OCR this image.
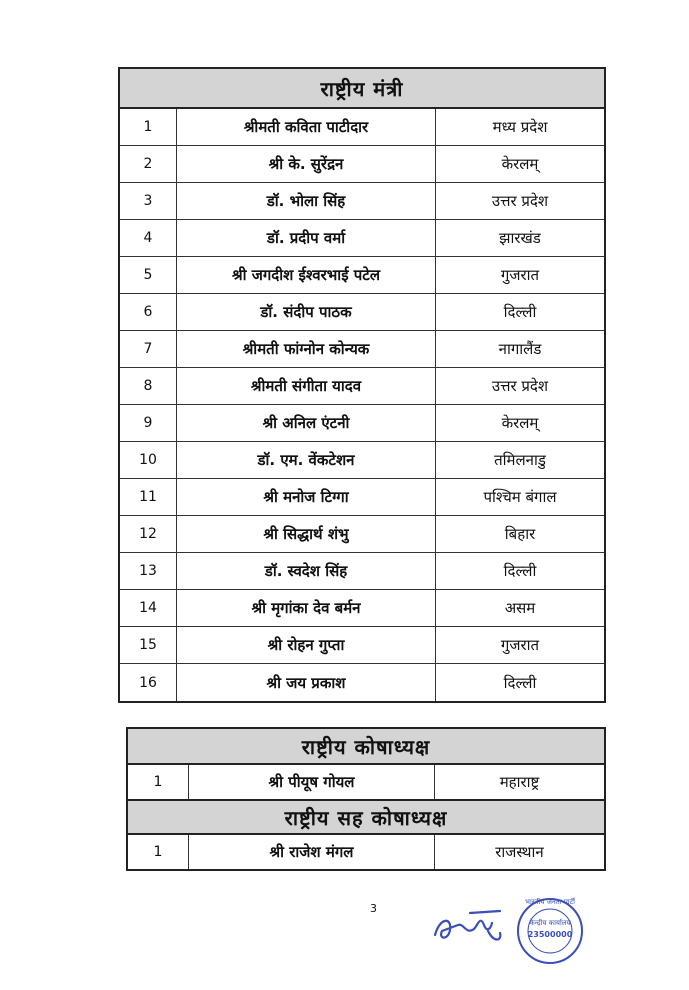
राष्ट्रीय मंत्री
1	श्रीमती कविता पाटीदार	मध्य प्रदेश
2	श्री के. सुरेंद्रन	केरलम्
3	डॉ. भोला सिंह	उत्तर प्रदेश
4	डॉ. प्रदीप वर्मा	झारखंड
5	श्री जगदीश ईश्वरभाई पटेल	गुजरात
6	डॉ. संदीप पाठक	दिल्ली
7	श्रीमती फांग्नोन कोन्यक	नागालैंड
8	श्रीमती संगीता यादव	उत्तर प्रदेश
9	श्री अनिल एंटनी	केरलम्
10	डॉ. एम. वेंकटेशन	तमिलनाडु
11	श्री मनोज टिग्गा	पश्चिम बंगाल
12	श्री सिद्धार्थ शंभु	बिहार
13	डॉ. स्वदेश सिंह	दिल्ली
14	श्री मृगांका देव बर्मन	असम
15	श्री रोहन गुप्ता	गुजरात
16	श्री जय प्रकाश	दिल्ली
राष्ट्रीय कोषाध्यक्ष
1	श्री पीयूष गोयल	महाराष्ट्र
राष्ट्रीय सह कोषाध्यक्ष
1	श्री राजेश मंगल	राजस्थान
3
केन्द्रीय कार्यालय
23500000
भारतीय जनता पार्टी
